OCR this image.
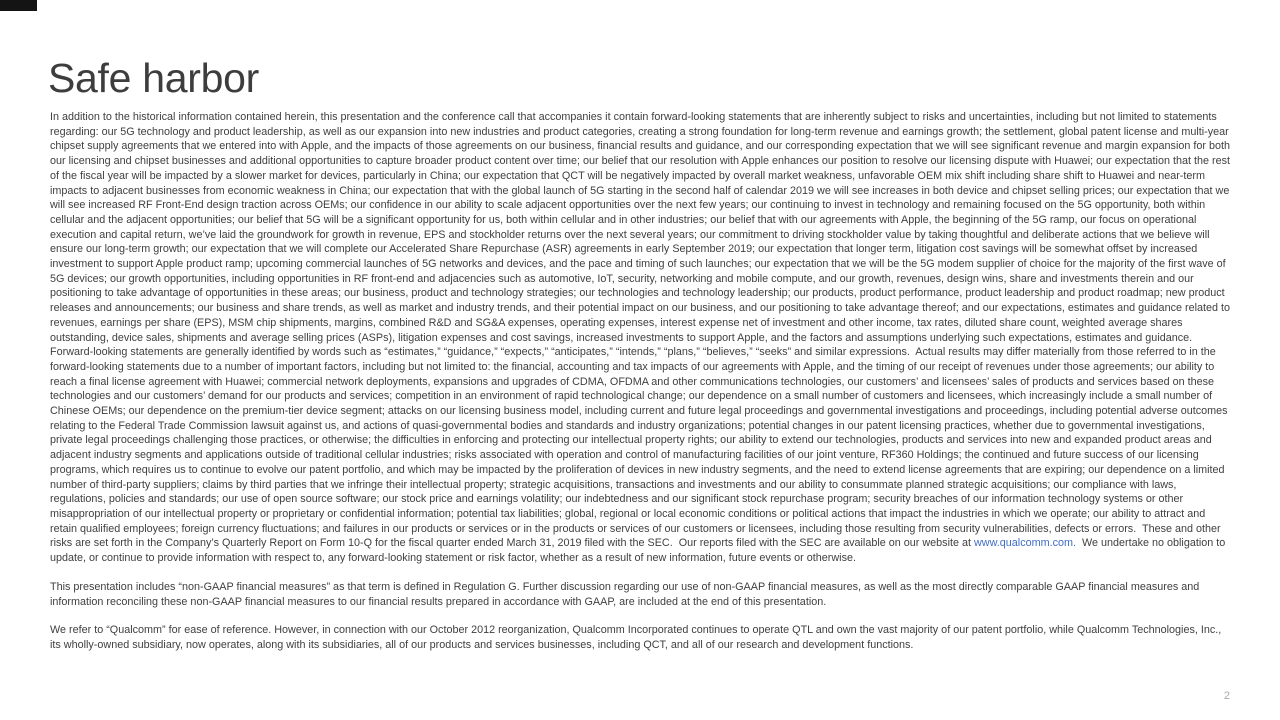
Safe harbor

In addition to the historical information contained herein, this presentation and the conference call that accompanies it contain forward-looking statements that are inherently subject to risks and uncertainties, including but not limited to statements regarding: our 5G technology and product leadership, as well as our expansion into new industries and product categories, creating a strong foundation for long-term revenue and earnings growth; the settlement, global patent license and multi-year chipset supply agreements that we entered into with Apple, and the impacts of those agreements on our business, financial results and guidance, and our corresponding expectation that we will see significant revenue and margin expansion for both our licensing and chipset businesses and additional opportunities to capture broader product content over time; our belief that our resolution with Apple enhances our position to resolve our licensing dispute with Huawei; our expectation that the rest of the fiscal year will be impacted by a slower market for devices, particularly in China; our expectation that QCT will be negatively impacted by overall market weakness, unfavorable OEM mix shift including share shift to Huawei and near-term impacts to adjacent businesses from economic weakness in China; our expectation that with the global launch of 5G starting in the second half of calendar 2019 we will see increases in both device and chipset selling prices; our expectation that we will see increased RF Front-End design traction across OEMs; our confidence in our ability to scale adjacent opportunities over the next few years; our continuing to invest in technology and remaining focused on the 5G opportunity, both within cellular and the adjacent opportunities; our belief that 5G will be a significant opportunity for us, both within cellular and in other industries; our belief that with our agreements with Apple, the beginning of the 5G ramp, our focus on operational execution and capital return, we’ve laid the groundwork for growth in revenue, EPS and stockholder returns over the next several years; our commitment to driving stockholder value by taking thoughtful and deliberate actions that we believe will ensure our long-term growth; our expectation that we will complete our Accelerated Share Repurchase (ASR) agreements in early September 2019; our expectation that longer term, litigation cost savings will be somewhat offset by increased investment to support Apple product ramp; upcoming commercial launches of 5G networks and devices, and the pace and timing of such launches; our expectation that we will be the 5G modem supplier of choice for the majority of the first wave of 5G devices; our growth opportunities, including opportunities in RF front-end and adjacencies such as automotive, IoT, security, networking and mobile compute, and our growth, revenues, design wins, share and investments therein and our positioning to take advantage of opportunities in these areas; our business, product and technology strategies; our technologies and technology leadership; our products, product performance, product leadership and product roadmap; new product releases and announcements; our business and share trends, as well as market and industry trends, and their potential impact on our business, and our positioning to take advantage thereof; and our expectations, estimates and guidance related to revenues, earnings per share (EPS), MSM chip shipments, margins, combined R&D and SG&A expenses, operating expenses, interest expense net of investment and other income, tax rates, diluted share count, weighted average shares outstanding, device sales, shipments and average selling prices (ASPs), litigation expenses and cost savings, increased investments to support Apple, and the factors and assumptions underlying such expectations, estimates and guidance. Forward-looking statements are generally identified by words such as “estimates,” “guidance,” “expects,” “anticipates,” “intends,” “plans,” “believes,” “seeks” and similar expressions.  Actual results may differ materially from those referred to in the forward-looking statements due to a number of important factors, including but not limited to: the financial, accounting and tax impacts of our agreements with Apple, and the timing of our receipt of revenues under those agreements; our ability to reach a final license agreement with Huawei; commercial network deployments, expansions and upgrades of CDMA, OFDMA and other communications technologies, our customers’ and licensees’ sales of products and services based on these technologies and our customers’ demand for our products and services; competition in an environment of rapid technological change; our dependence on a small number of customers and licensees, which increasingly include a small number of Chinese OEMs; our dependence on the premium-tier device segment; attacks on our licensing business model, including current and future legal proceedings and governmental investigations and proceedings, including potential adverse outcomes relating to the Federal Trade Commission lawsuit against us, and actions of quasi-governmental bodies and standards and industry organizations; potential changes in our patent licensing practices, whether due to governmental investigations, private legal proceedings challenging those practices, or otherwise; the difficulties in enforcing and protecting our intellectual property rights; our ability to extend our technologies, products and services into new and expanded product areas and adjacent industry segments and applications outside of traditional cellular industries; risks associated with operation and control of manufacturing facilities of our joint venture, RF360 Holdings; the continued and future success of our licensing programs, which requires us to continue to evolve our patent portfolio, and which may be impacted by the proliferation of devices in new industry segments, and the need to extend license agreements that are expiring; our dependence on a limited number of third-party suppliers; claims by third parties that we infringe their intellectual property; strategic acquisitions, transactions and investments and our ability to consummate planned strategic acquisitions; our compliance with laws, regulations, policies and standards; our use of open source software; our stock price and earnings volatility; our indebtedness and our significant stock repurchase program; security breaches of our information technology systems or other misappropriation of our intellectual property or proprietary or confidential information; potential tax liabilities; global, regional or local economic conditions or political actions that impact the industries in which we operate; our ability to attract and retain qualified employees; foreign currency fluctuations; and failures in our products or services or in the products or services of our customers or licensees, including those resulting from security vulnerabilities, defects or errors.  These and other risks are set forth in the Company’s Quarterly Report on Form 10-Q for the fiscal quarter ended March 31, 2019 filed with the SEC.  Our reports filed with the SEC are available on our website at www.qualcomm.com.  We undertake no obligation to update, or continue to provide information with respect to, any forward-looking statement or risk factor, whether as a result of new information, future events or otherwise.

This presentation includes “non-GAAP financial measures” as that term is defined in Regulation G. Further discussion regarding our use of non-GAAP financial measures, as well as the most directly comparable GAAP financial measures and information reconciling these non-GAAP financial measures to our financial results prepared in accordance with GAAP, are included at the end of this presentation.

We refer to “Qualcomm” for ease of reference. However, in connection with our October 2012 reorganization, Qualcomm Incorporated continues to operate QTL and own the vast majority of our patent portfolio, while Qualcomm Technologies, Inc., its wholly-owned subsidiary, now operates, along with its subsidiaries, all of our products and services businesses, including QCT, and all of our research and development functions.

2
